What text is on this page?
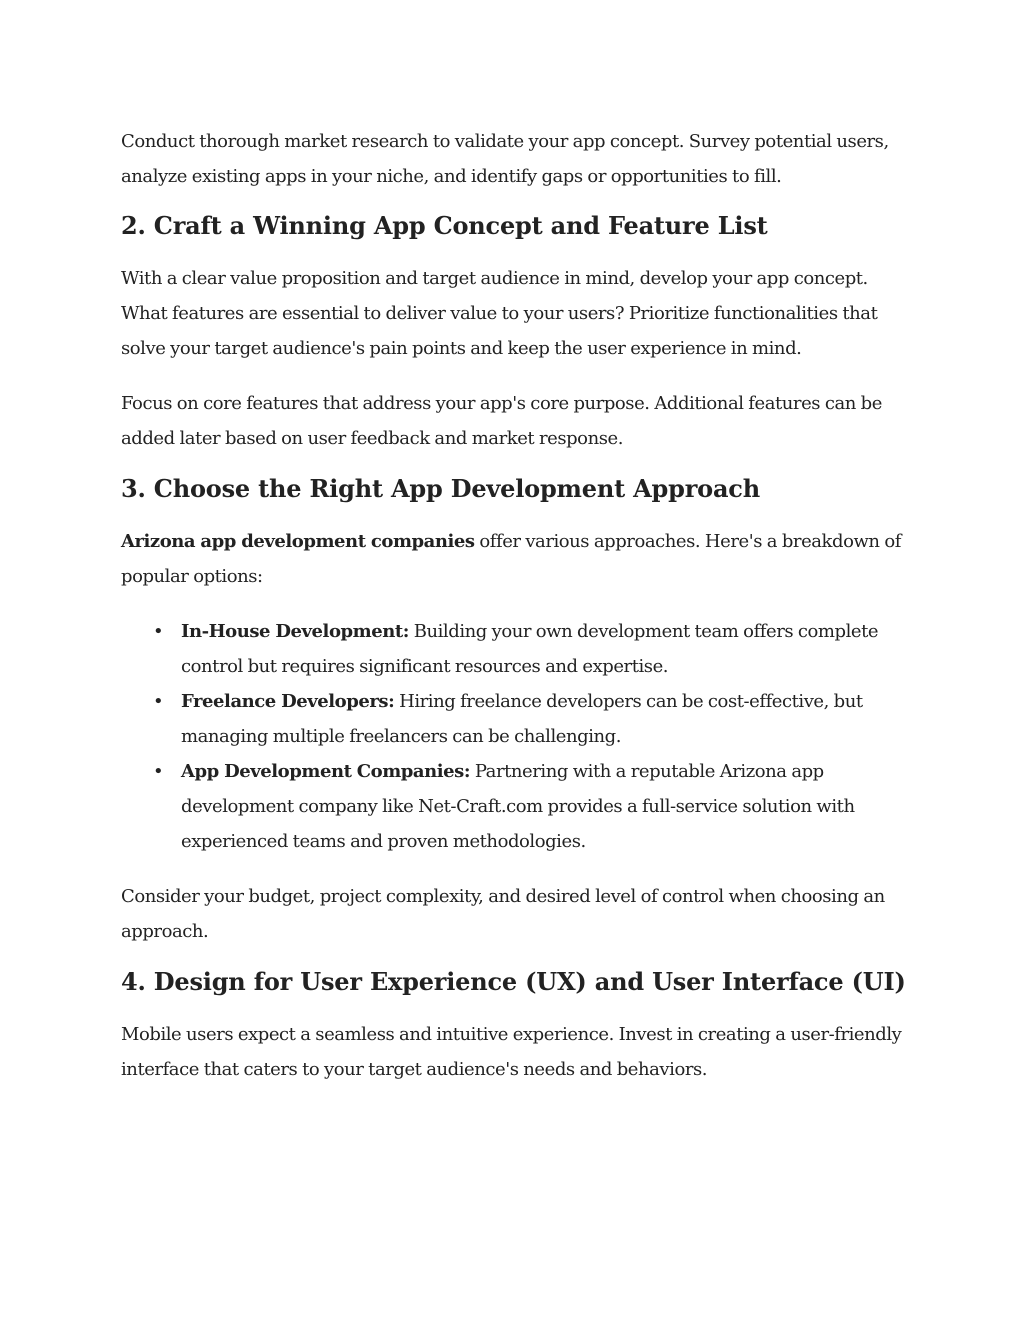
Conduct thorough market research to validate your app concept. Survey potential users, analyze existing apps in your niche, and identify gaps or opportunities to fill.

2. Craft a Winning App Concept and Feature List

With a clear value proposition and target audience in mind, develop your app concept. What features are essential to deliver value to your users? Prioritize functionalities that solve your target audience's pain points and keep the user experience in mind.

Focus on core features that address your app's core purpose. Additional features can be added later based on user feedback and market response.

3. Choose the Right App Development Approach

Arizona app development companies offer various approaches. Here's a breakdown of popular options:

• In-House Development: Building your own development team offers complete control but requires significant resources and expertise.
• Freelance Developers: Hiring freelance developers can be cost-effective, but managing multiple freelancers can be challenging.
• App Development Companies: Partnering with a reputable Arizona app development company like Net-Craft.com provides a full-service solution with experienced teams and proven methodologies.

Consider your budget, project complexity, and desired level of control when choosing an approach.

4. Design for User Experience (UX) and User Interface (UI)

Mobile users expect a seamless and intuitive experience. Invest in creating a user-friendly interface that caters to your target audience's needs and behaviors.
